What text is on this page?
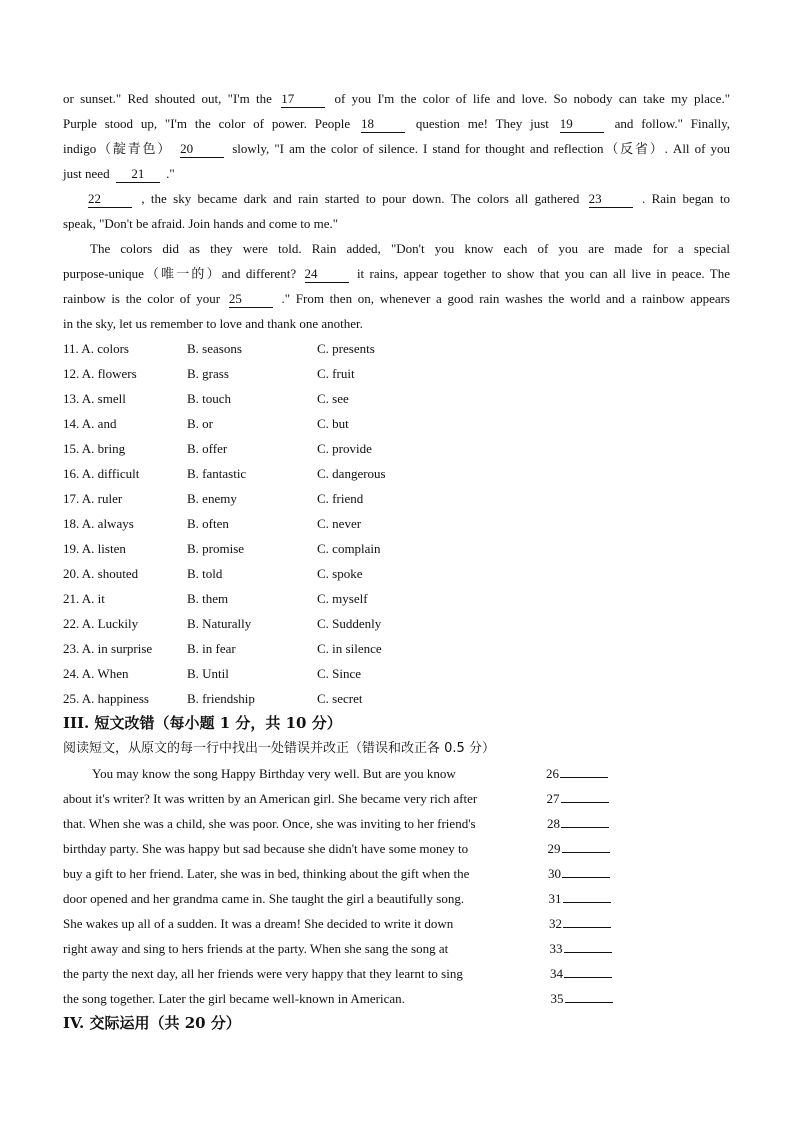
or sunset." Red shouted out, "I'm the 17	of you I'm the color of life and love. So nobody can take my place."
Purple stood up, "I'm the color of power. People 18	question me! They just 19	and follow." Finally,
indigo（靛青色） 20	slowly, "I am the color of silence. I stand for thought and reflection（反省）. All of you
just need 21 ."
22	, the sky became dark and rain started to pour down. The colors all gathered 23	. Rain began to
speak, "Don't be afraid. Join hands and come to me."
The colors did as they were told. Rain added, "Don't you know each of you are made for a special
purpose-unique（唯一的）and different? 24	it rains, appear together to show that you can all live in peace. The
rainbow is the color of your 25	." From then on, whenever a good rain washes the world and a rainbow appears
in the sky, let us remember to love and thank one another.
11. A. colors	B. seasons	C. presents
12. A. flowers	B. grass	C. fruit
13. A. smell	B. touch	C. see
14. A. and	B. or	C. but
15. A. bring	B. offer	C. provide
16. A. difficult	B. fantastic	C. dangerous
17. A. ruler	B. enemy	C. friend
18. A. always	B. often	C. never
19. A. listen	B. promise	C. complain
20. A. shouted	B. told	C. spoke
21. A. it	B. them	C. myself
22. A. Luckily	B. Naturally	C. Suddenly
23. A. in surprise	B. in fear	C. in silence
24. A. When	B. Until	C. Since
25. A. happiness	B. friendship	C. secret
III. 短文改错（每小题 1 分，共 10 分）
阅读短文，从原文的每一行中找出一处错误并改正（错误和改正各 0.5 分）
You may know the song Happy Birthday very well. But are you know	26
about it's writer? It was written by an American girl. She became very rich after	27
that. When she was a child, she was poor. Once, she was inviting to her friend's	28
birthday party. She was happy but sad because she didn't have some money to	29
buy a gift to her friend. Later, she was in bed, thinking about the gift when the	30
door opened and her grandma came in. She taught the girl a beautifully song.	31
She wakes up all of a sudden. It was a dream! She decided to write it down	32
right away and sing to hers friends at the party. When she sang the song at	33
the party the next day, all her friends were very happy that they learnt to sing	34
the song together. Later the girl became well-known in American.	35
IV. 交际运用（共 20 分）
